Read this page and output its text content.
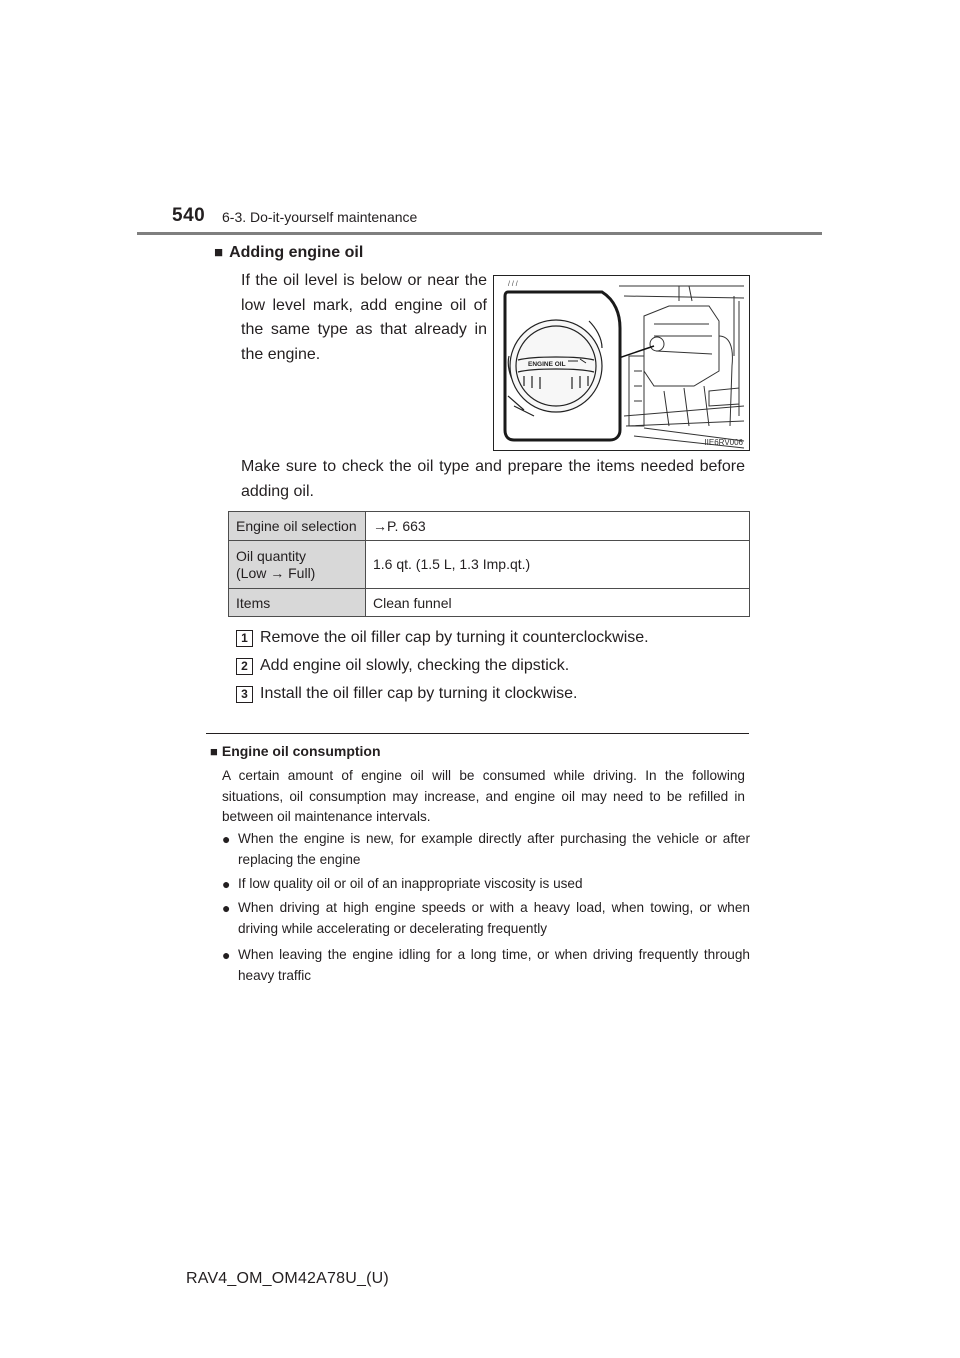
540 6-3. Do-it-yourself maintenance
■ Adding engine oil
If the oil level is below or near the low level mark, add engine oil of the same type as that already in the engine.
ENGINE OIL
/ / /
IIE6RV006
Make sure to check the oil type and prepare the items needed before adding oil.
Engine oil selection	→P. 663

Oil quantity
(Low → Full)	1.6 qt. (1.5 L, 1.3 Imp.qt.)
Items	Clean funnel
1 Remove the oil filler cap by turning it counterclockwise.
2 Add engine oil slowly, checking the dipstick.
3 Install the oil filler cap by turning it clockwise.
■ Engine oil consumption
A certain amount of engine oil will be consumed while driving. In the following situations, oil consumption may increase, and engine oil may need to be refilled in between oil maintenance intervals.
● When the engine is new, for example directly after purchasing the vehicle or after replacing the engine
● If low quality oil or oil of an inappropriate viscosity is used
● When driving at high engine speeds or with a heavy load, when towing, or when driving while accelerating or decelerating frequently
● When leaving the engine idling for a long time, or when driving frequently through heavy traffic
RAV4_OM_OM42A78U_(U)
